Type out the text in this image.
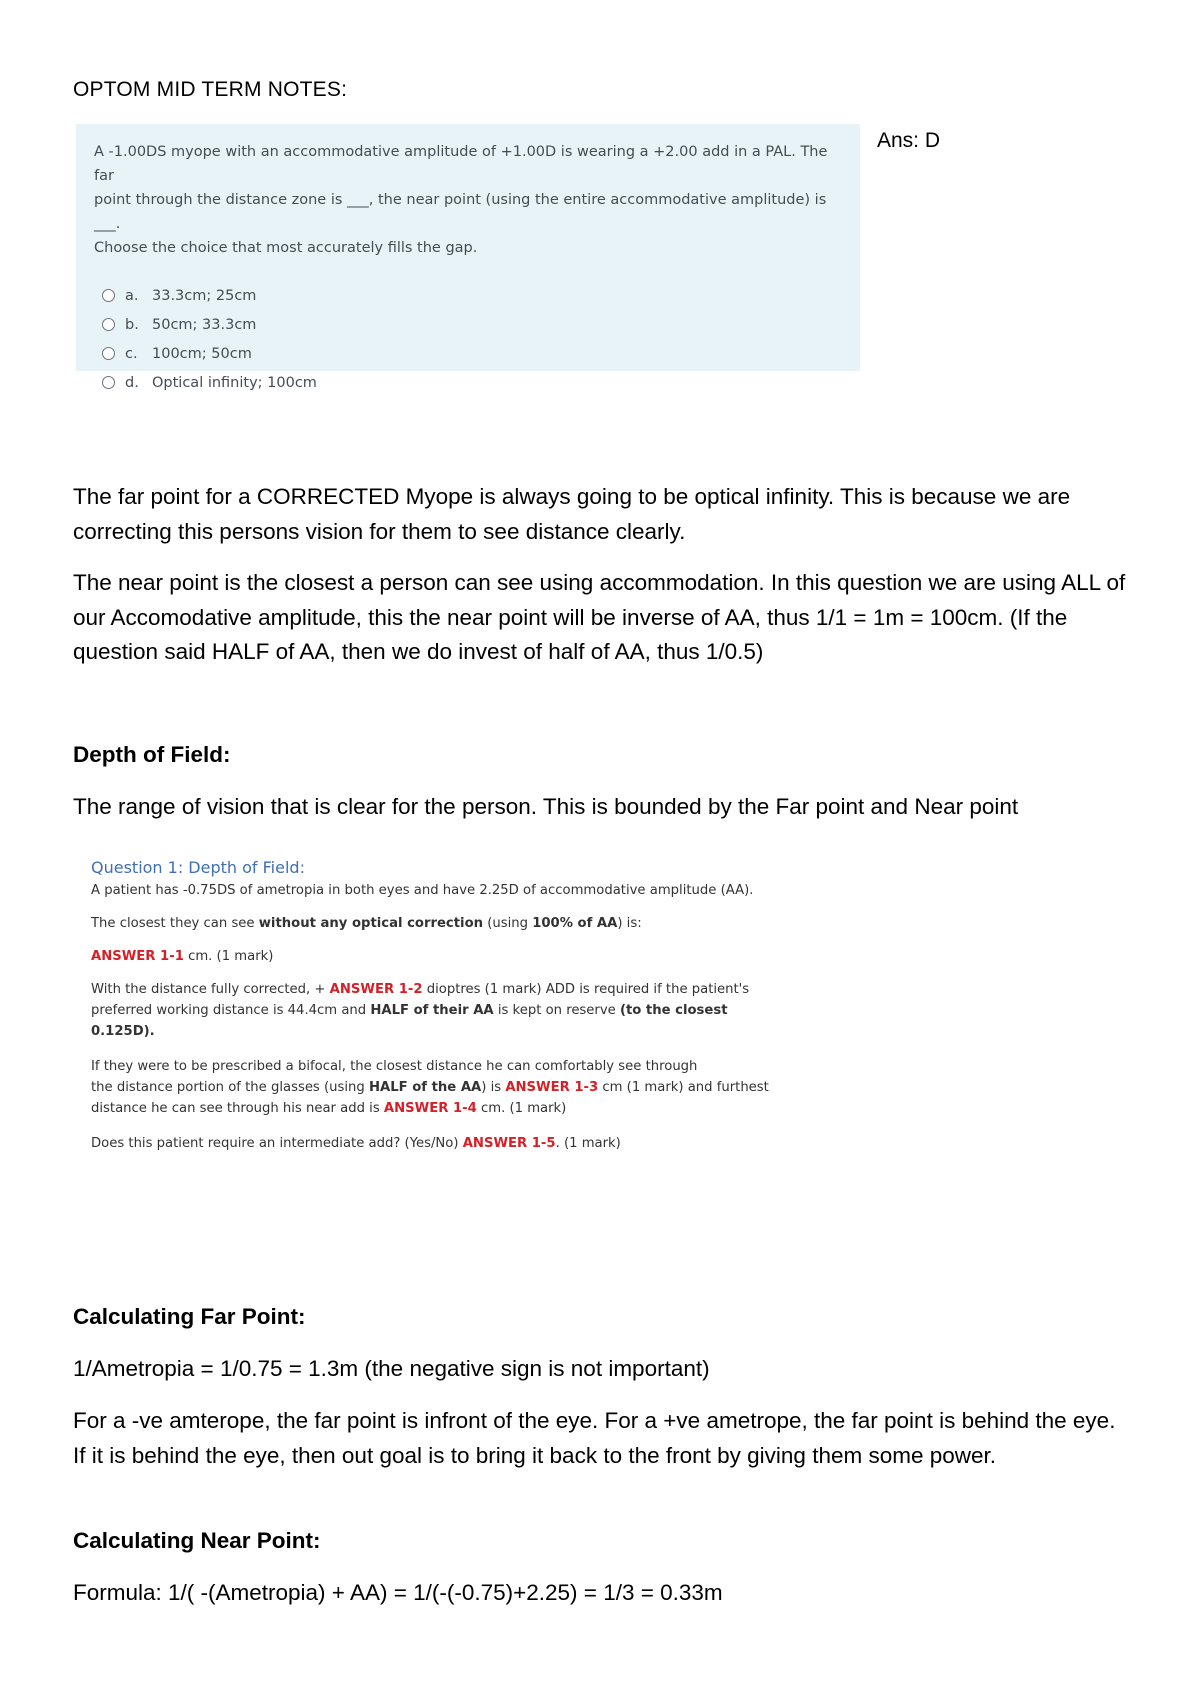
OPTOM MID TERM NOTES:
A -1.00DS myope with an accommodative amplitude of +1.00D is wearing a +2.00 add in a PAL. The far
point through the distance zone is ___, the near point (using the entire accommodative amplitude) is ___.
Choose the choice that most accurately fills the gap.
a. 33.3cm; 25cm
b. 50cm; 33.3cm
c. 100cm; 50cm
d. Optical infinity; 100cm
Ans: D
The far point for a CORRECTED Myope is always going to be optical infinity. This is because we are correcting this persons vision for them to see distance clearly.
The near point is the closest a person can see using accommodation. In this question we are using ALL of our Accomodative amplitude, this the near point will be inverse of AA, thus 1/1 = 1m = 100cm. (If the question said HALF of AA, then we do invest of half of AA, thus 1/0.5)
Depth of Field:
The range of vision that is clear for the person. This is bounded by the Far point and Near point
Question 1: Depth of Field:
A patient has -0.75DS of ametropia in both eyes and have 2.25D of accommodative amplitude (AA).
The closest they can see without any optical correction (using 100% of AA) is:
ANSWER 1-1 cm. (1 mark)
With the distance fully corrected, + ANSWER 1-2 dioptres (1 mark) ADD is required if the patient's
preferred working distance is 44.4cm and HALF of their AA is kept on reserve (to the closest
0.125D).
If they were to be prescribed a bifocal, the closest distance he can comfortably see through
the distance portion of the glasses (using HALF of the AA) is ANSWER 1-3 cm (1 mark) and furthest
distance he can see through his near add is ANSWER 1-4 cm. (1 mark)
Does this patient require an intermediate add? (Yes/No) ANSWER 1-5. (1 mark)
Calculating Far Point:
1/Ametropia = 1/0.75 = 1.3m (the negative sign is not important)
For a -ve amterope, the far point is infront of the eye. For a +ve ametrope, the far point is behind the eye. If it is behind the eye, then out goal is to bring it back to the front by giving them some power.
Calculating Near Point:
Formula: 1/( -(Ametropia) + AA) = 1/(-(-0.75)+2.25) = 1/3 = 0.33m
